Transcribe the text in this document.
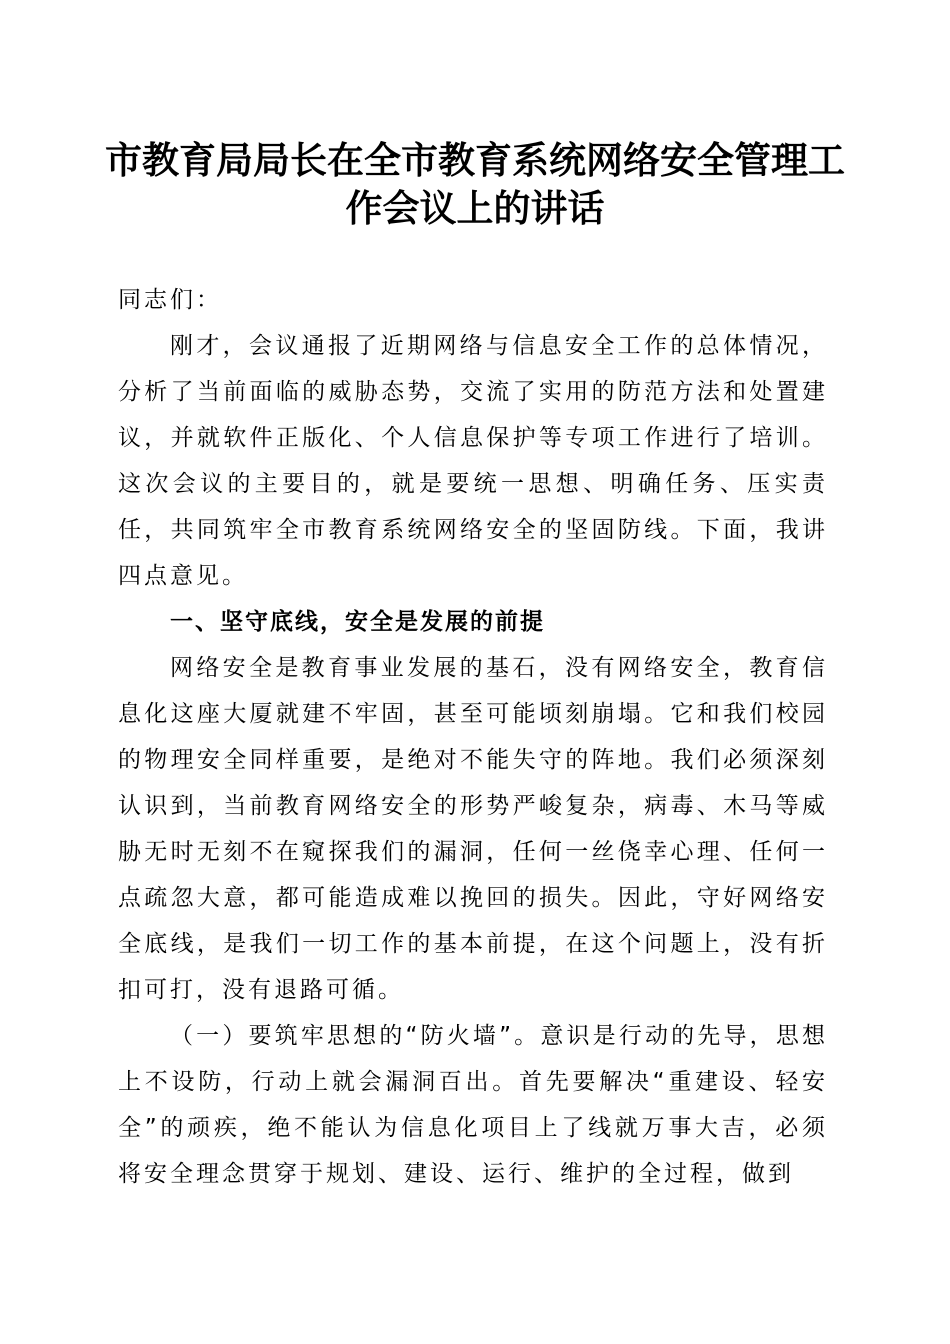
市教育局局长在全市教育系统网络安全管理工作会议上的讲话

同志们：

刚才，会议通报了近期网络与信息安全工作的总体情况，分析了当前面临的威胁态势，交流了实用的防范方法和处置建议，并就软件正版化、个人信息保护等专项工作进行了培训。这次会议的主要目的，就是要统一思想、明确任务、压实责任，共同筑牢全市教育系统网络安全的坚固防线。下面，我讲四点意见。

一、坚守底线，安全是发展的前提

网络安全是教育事业发展的基石，没有网络安全，教育信息化这座大厦就建不牢固，甚至可能顷刻崩塌。它和我们校园的物理安全同样重要，是绝对不能失守的阵地。我们必须深刻认识到，当前教育网络安全的形势严峻复杂，病毒、木马等威胁无时无刻不在窥探我们的漏洞，任何一丝侥幸心理、任何一点疏忽大意，都可能造成难以挽回的损失。因此，守好网络安全底线，是我们一切工作的基本前提，在这个问题上，没有折扣可打，没有退路可循。

（一）要筑牢思想的“防火墙”。意识是行动的先导，思想上不设防，行动上就会漏洞百出。首先要解决“重建设、轻安全”的顽疾，绝不能认为信息化项目上了线就万事大吉，必须将安全理念贯穿于规划、建设、运行、维护的全过程，做到
